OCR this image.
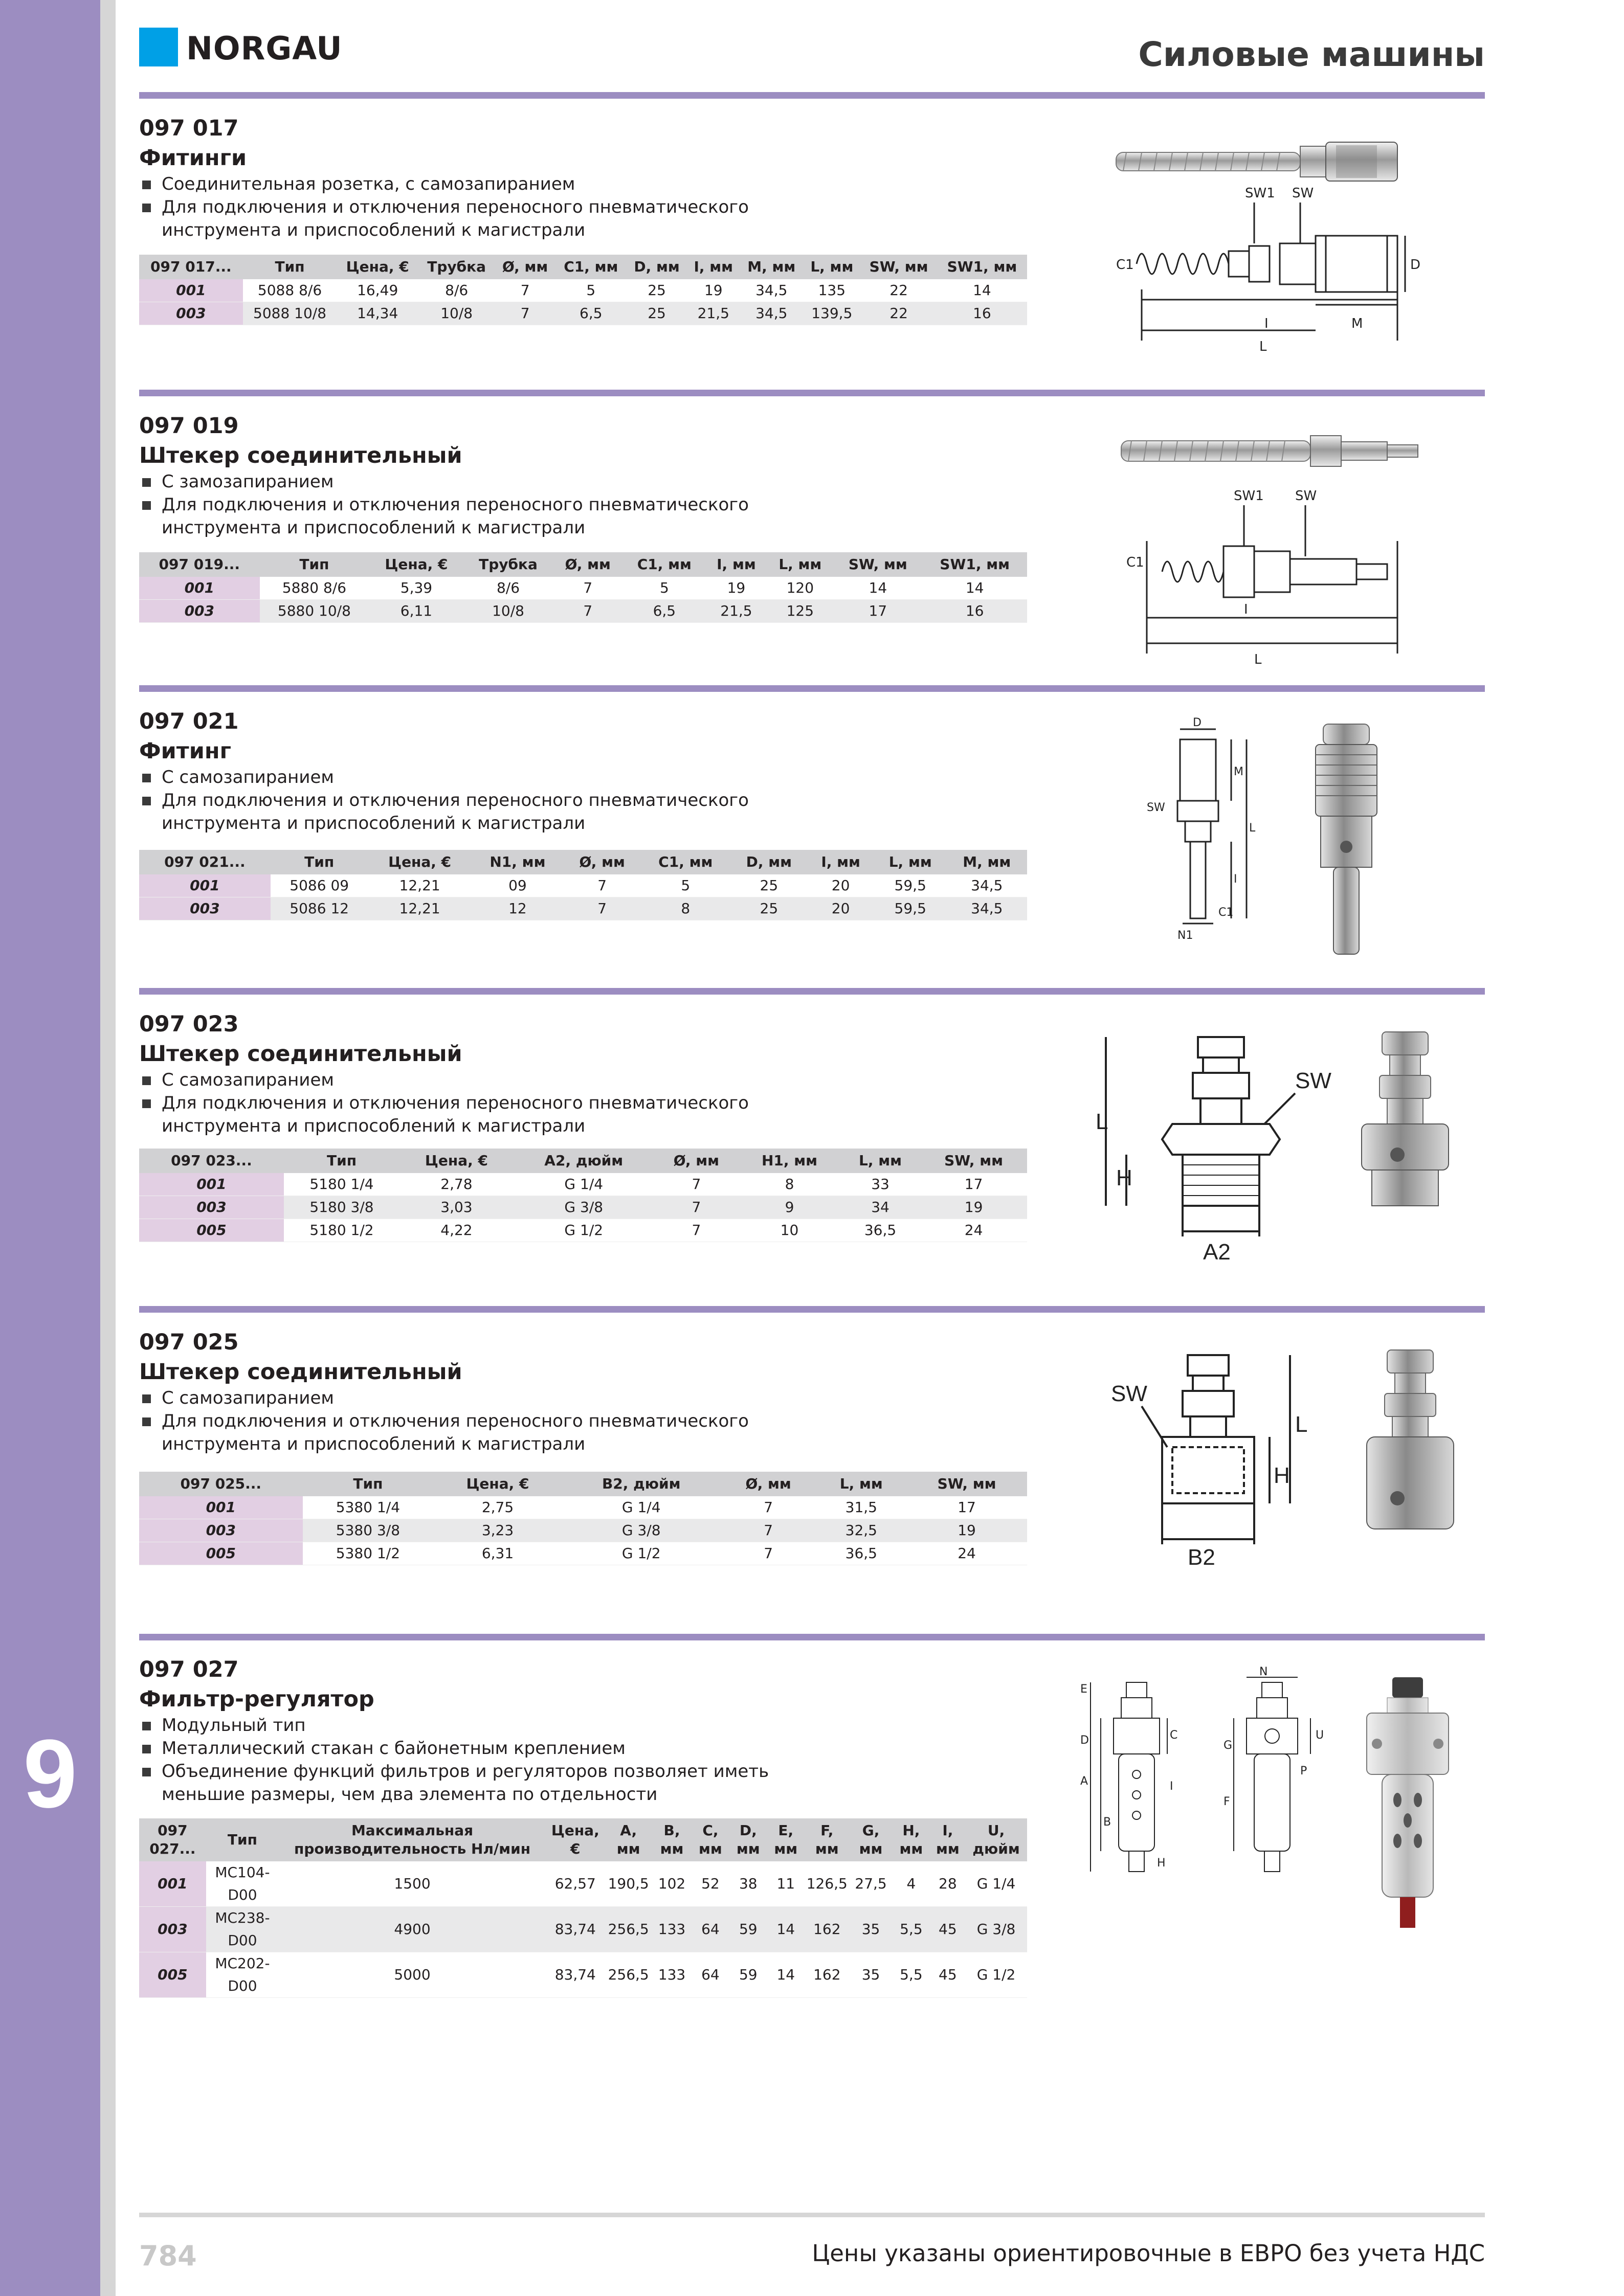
9
NORGAU	Силовые машины
097 017
Фитинги
Соединительная розетка, с самозапиранием
Для подключения и отключения переносного пневматического инструмента и приспособлений к магистрали
097 017...	Тип	Цена, €	Трубка	Ø, мм	C1, мм	D, мм	I, мм	M, мм	L, мм	SW, мм	SW1, мм
001	5088 8/6	16,49	8/6	7	5	25	19	34,5	135	22	14
003	5088 10/8	14,34	10/8	7	6,5	25	21,5	34,5	139,5	22	16
SW1 SW
C1	D
I	M
L
097 019
Штекер соединительный
С замозапиранием
Для подключения и отключения переносного пневматического инструмента и приспособлений к магистрали
097 019...	Тип	Цена, €	Трубка	Ø, мм	C1, мм	I, мм	L, мм	SW, мм	SW1, мм
001	5880 8/6	5,39	8/6	7	5	19	120	14	14
003	5880 10/8	6,11	10/8	7	6,5	21,5	125	17	16
SW1 SW
C1
I
L
097 021
Фитинг
С самозапиранием
Для подключения и отключения переносного пневматического инструмента и приспособлений к магистрали
097 021...	Тип	Цена, €	N1, мм	Ø, мм	C1, мм	D, мм	I, мм	L, мм	M, мм
001	5086 09	12,21	09	7	5	25	20	59,5	34,5
003	5086 12	12,21	12	7	8	25	20	59,5	34,5
D
SW
M
L
I
C1
N1
097 023
Штекер соединительный
С самозапиранием
Для подключения и отключения переносного пневматического инструмента и приспособлений к магистрали
097 023...	Тип	Цена, €	A2, дюйм	Ø, мм	H1, мм	L, мм	SW, мм
001	5180 1/4	2,78	G 1/4	7	8	33	17
003	5180 3/8	3,03	G 3/8	7	9	34	19
005	5180 1/2	4,22	G 1/2	7	10	36,5	24
SW
L
H
A2
097 025
Штекер соединительный
С самозапиранием
Для подключения и отключения переносного пневматического инструмента и приспособлений к магистрали
097 025...	Тип	Цена, €	B2, дюйм	Ø, мм	L, мм	SW, мм
001	5380 1/4	2,75	G 1/4	7	31,5	17
003	5380 3/8	3,23	G 3/8	7	32,5	19
005	5380 1/2	6,31	G 1/2	7	36,5	24
SW
L
H
B2
097 027
Фильтр-регулятор
Модульный тип
Металлический стакан с байонетным креплением
Объединение функций фильтров и регуляторов позволяет иметь меньшие размеры, чем два элемента по отдельности
097 027...	Тип	Максимальная производительность Нл/мин	Цена, €	A, мм	B, мм	C, мм	D, мм	E, мм	F, мм	G, мм	H, мм	I, мм	U, дюйм
001	MC104-D00	1500	62,57	190,5	102	52	38	11	126,5	27,5	4	28	G 1/4
003	MC238-D00	4900	83,74	256,5	133	64	59	14	162	35	5,5	45	G 3/8
005	MC202-D00	5000	83,74	256,5	133	64	59	14	162	35	5,5	45	G 1/2
N
E
D
A
B
C
G
U
F
I
P
H
784	Цены указаны ориентировочные в ЕВРО без учета НДС
